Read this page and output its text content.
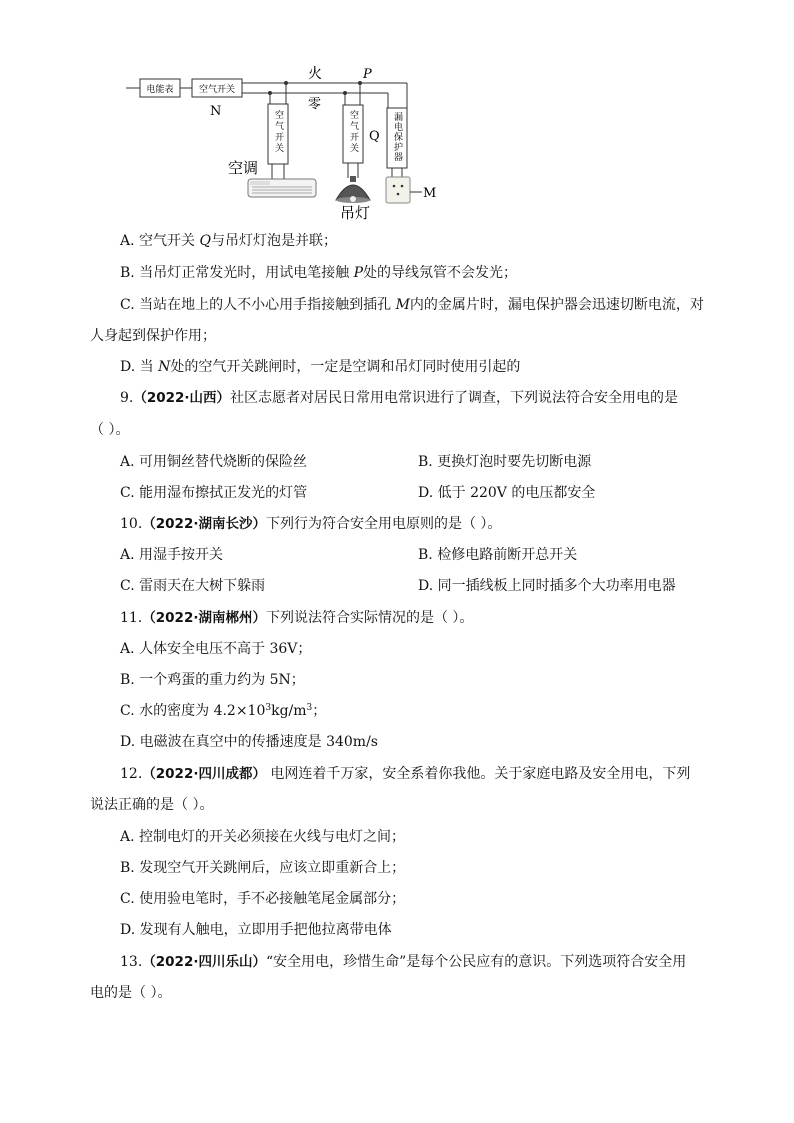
电能表	空气开关
N
火
零
P
空气开关
空调
空气开关 Q
吊灯
漏电保护器
M
A. 空气开关 Q与吊灯灯泡是并联；
B. 当吊灯正常发光时，用试电笔接触 P处的导线氖管不会发光；
C. 当站在地上的人不小心用手指接触到插孔 M内的金属片时，漏电保护器会迅速切断电流，对
人身起到保护作用；
D. 当 N处的空气开关跳闸时，一定是空调和吊灯同时使用引起的
9.（2022·山西）社区志愿者对居民日常用电常识进行了调查，下列说法符合安全用电的是
（ ）。
A. 可用铜丝替代烧断的保险丝	B. 更换灯泡时要先切断电源
C. 能用湿布擦拭正发光的灯管	D. 低于 220V 的电压都安全
10.（2022·湖南长沙）下列行为符合安全用电原则的是（ ）。
A. 用湿手按开关	B. 检修电路前断开总开关
C. 雷雨天在大树下躲雨	D. 同一插线板上同时插多个大功率用电器
11.（2022·湖南郴州）下列说法符合实际情况的是（ ）。
A. 人体安全电压不高于 36V；
B. 一个鸡蛋的重力约为 5N；
C. 水的密度为 $4.2\times 10^3kg/m^3$；
D. 电磁波在真空中的传播速度是 340m/s
12.（2022·四川成都） 电网连着千万家，安全系着你我他。关于家庭电路及安全用电，下列
说法正确的是（ ）。
A. 控制电灯的开关必须接在火线与电灯之间；
B. 发现空气开关跳闸后，应该立即重新合上；
C. 使用验电笔时，手不必接触笔尾金属部分；
D. 发现有人触电，立即用手把他拉离带电体
13.（2022·四川乐山）“安全用电，珍惜生命”是每个公民应有的意识。下列选项符合安全用
电的是（ ）。
